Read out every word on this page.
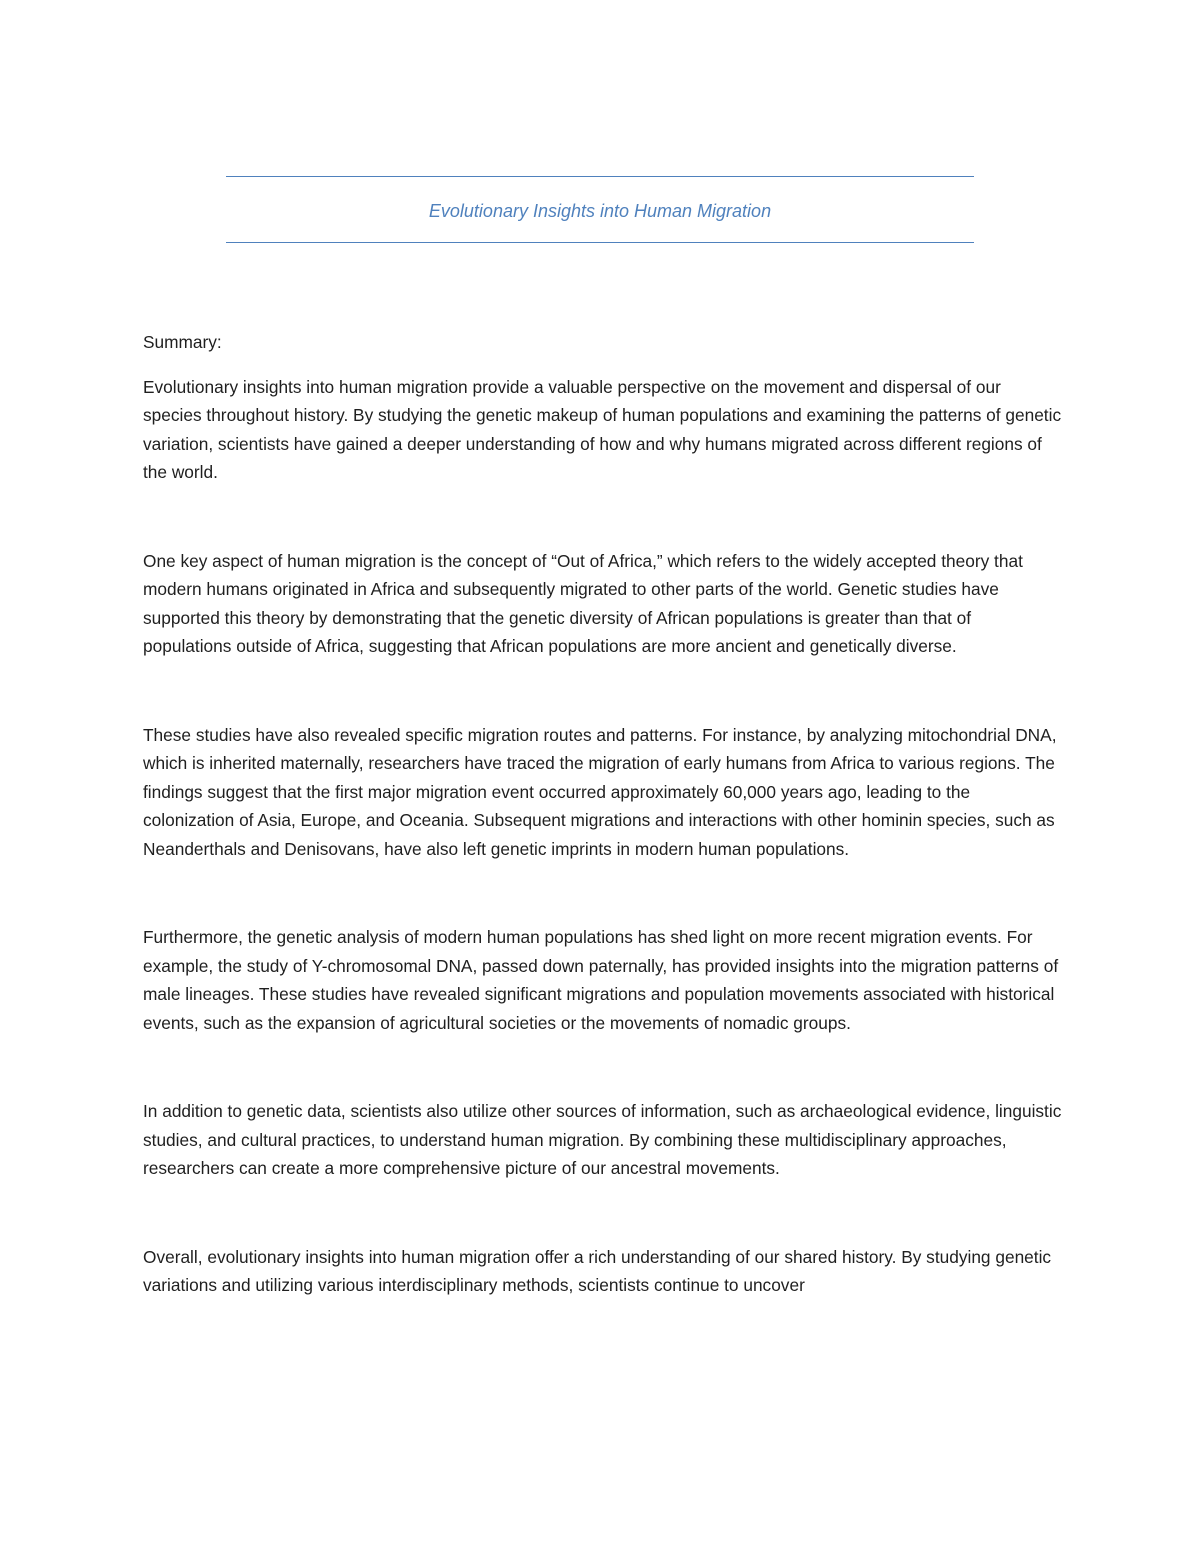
Evolutionary Insights into Human Migration

Summary:

Evolutionary insights into human migration provide a valuable perspective on the movement and dispersal of our species throughout history. By studying the genetic makeup of human populations and examining the patterns of genetic variation, scientists have gained a deeper understanding of how and why humans migrated across different regions of the world.

One key aspect of human migration is the concept of “Out of Africa,” which refers to the widely accepted theory that modern humans originated in Africa and subsequently migrated to other parts of the world. Genetic studies have supported this theory by demonstrating that the genetic diversity of African populations is greater than that of populations outside of Africa, suggesting that African populations are more ancient and genetically diverse.

These studies have also revealed specific migration routes and patterns. For instance, by analyzing mitochondrial DNA, which is inherited maternally, researchers have traced the migration of early humans from Africa to various regions. The findings suggest that the first major migration event occurred approximately 60,000 years ago, leading to the colonization of Asia, Europe, and Oceania. Subsequent migrations and interactions with other hominin species, such as Neanderthals and Denisovans, have also left genetic imprints in modern human populations.

Furthermore, the genetic analysis of modern human populations has shed light on more recent migration events. For example, the study of Y-chromosomal DNA, passed down paternally, has provided insights into the migration patterns of male lineages. These studies have revealed significant migrations and population movements associated with historical events, such as the expansion of agricultural societies or the movements of nomadic groups.

In addition to genetic data, scientists also utilize other sources of information, such as archaeological evidence, linguistic studies, and cultural practices, to understand human migration. By combining these multidisciplinary approaches, researchers can create a more comprehensive picture of our ancestral movements.

Overall, evolutionary insights into human migration offer a rich understanding of our shared history. By studying genetic variations and utilizing various interdisciplinary methods, scientists continue to uncover
